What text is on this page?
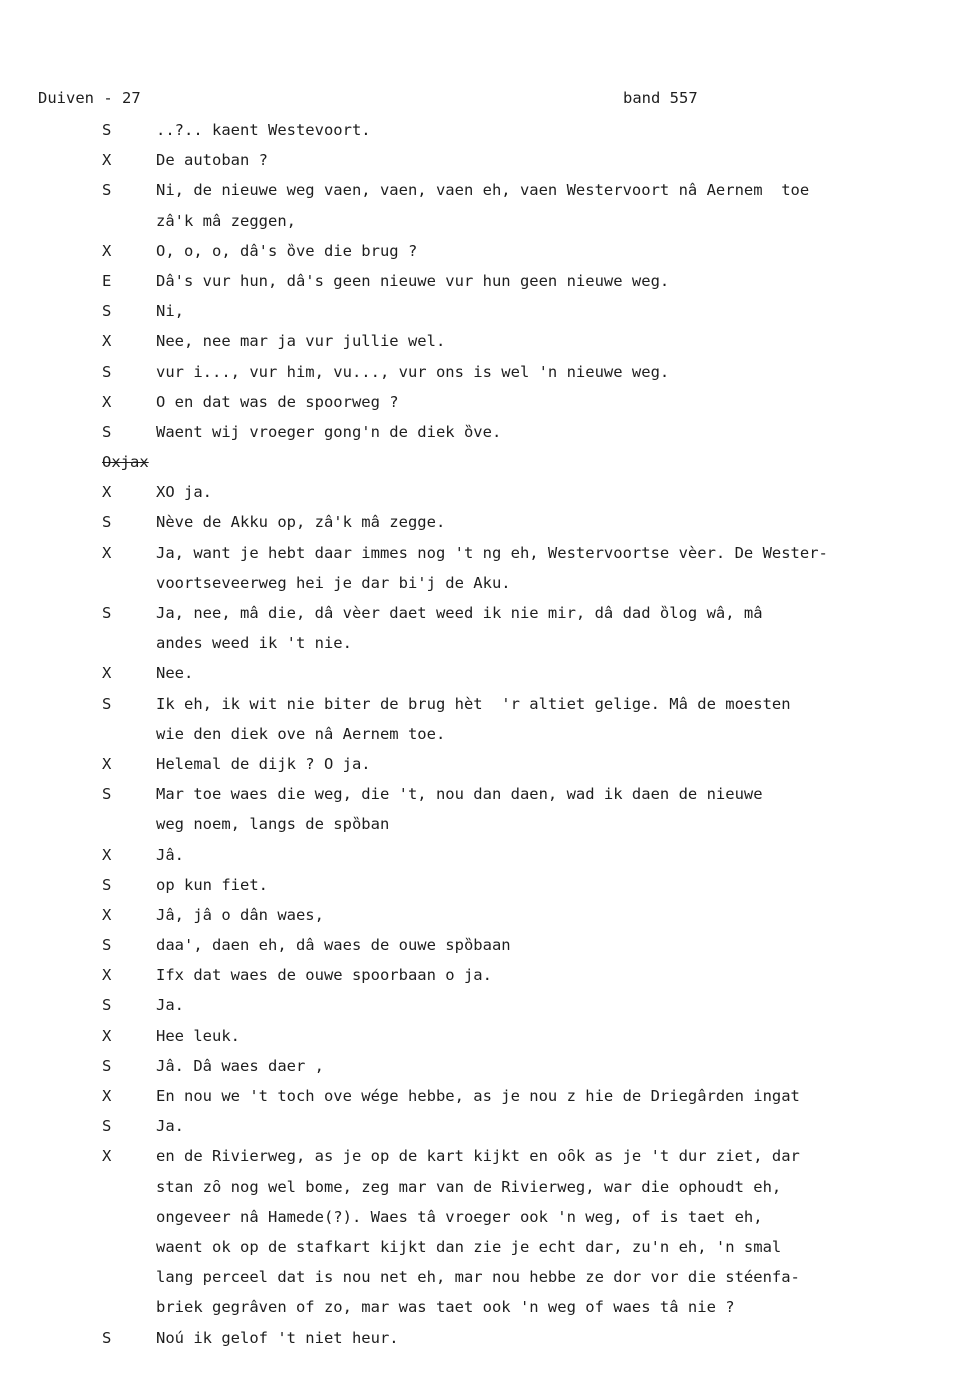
Duiven - 27

	band 557

S	..?.. kaent Westevoort.
X	De autoban ?
S	Ni, de nieuwe weg vaen, vaen, vaen eh, vaen Westervoort nâ Aernem  toe
zâ'k mâ zeggen,
X	O, o, o, dâ's ȍve die brug ?
E	Dâ's vur hun, dâ's geen nieuwe vur hun geen nieuwe weg.
S	Ni,
X	Nee, nee mar ja vur jullie wel.
S	vur i..., vur him, vu..., vur ons is wel 'n nieuwe weg.
X	O en dat was de spoorweg ?
S	Waent wij vroeger gong'n de diek ȍve.
Oxjax
X	XO ja.
S	Nève de Akku op, zâ'k mâ zegge.
X	Ja, want je hebt daar immes nog 't ng eh, Westervoortse vèer. De Wester-
voortseveerweg hei je dar bi'j de Aku.
S	Ja, nee, mâ die, dâ vèer daet weed ik nie mir, dâ dad ȍlog wâ, mâ
andes weed ik 't nie.
X	Nee.
S	Ik eh, ik wit nie biter de brug hèt  'r altiet gelige. Mâ de moesten
wie den diek ove nâ Aernem toe.
X	Helemal de dijk ? O ja.
S	Mar toe waes die weg, die 't, nou dan daen, wad ik daen de nieuwe
weg noem, langs de spȍban
X	Jâ.
S	op kun fiet.
X	Jâ, jâ o dân waes,
S	daa', daen eh, dâ waes de ouwe spȍbaan
X	Ifx dat waes de ouwe spoorbaan o ja.
S	Ja.
X	Hee leuk.
S	Jâ. Dâ waes daer ,
X	En nou we 't toch ove wége hebbe, as je nou z hie de Driegârden ingat
S	Ja.
X	en de Rivierweg, as je op de kart kijkt en oȏk as je 't dur ziet, dar
stan zȏ nog wel bome, zeg mar van de Rivierweg, war die ophoudt eh,
ongeveer nâ Hamede(?). Waes tâ vroeger ook 'n weg, of is taet eh,
waent ok op de stafkart kijkt dan zie je echt dar, zu'n eh, 'n smal
lang perceel dat is nou net eh, mar nou hebbe ze dor vor die stéenfa-
briek gegrâven of zo, mar was taet ook 'n weg of waes tâ nie ?
S	Noú ik gelof 't niet heur.
